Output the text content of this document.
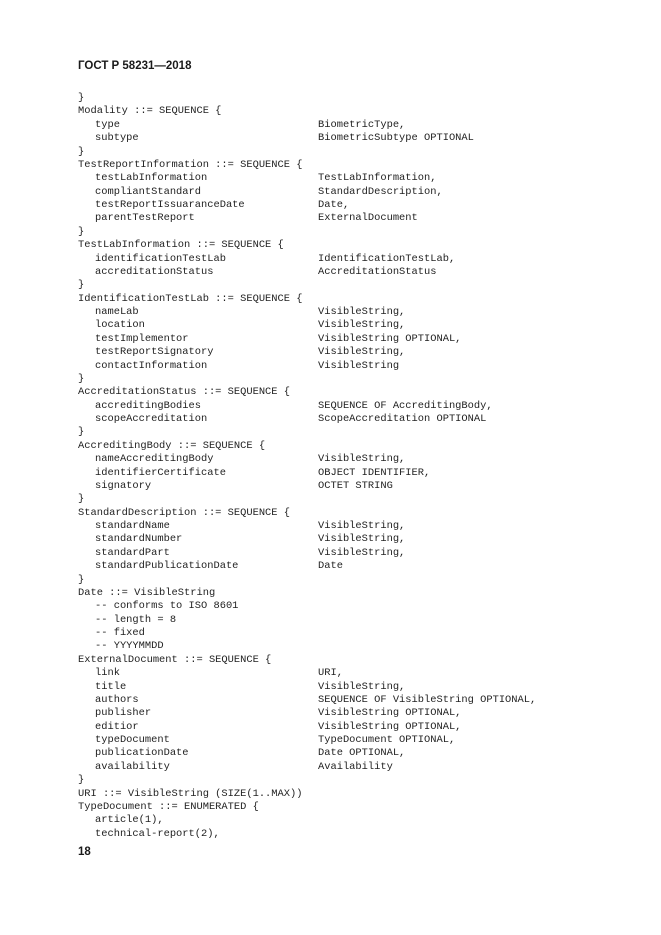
ГОСТ Р 58231—2018
}
Modality ::= SEQUENCE {
type	BiometricType,
subtype	BiometricSubtype OPTIONAL
}
TestReportInformation ::= SEQUENCE {
testLabInformation	TestLabInformation,
compliantStandard	StandardDescription,
testReportIssuaranceDate	Date,
parentTestReport	ExternalDocument
}
TestLabInformation ::= SEQUENCE {
identificationTestLab	IdentificationTestLab,
accreditationStatus	AccreditationStatus
}
IdentificationTestLab ::= SEQUENCE {
nameLab	VisibleString,
location	VisibleString,
testImplementor	VisibleString OPTIONAL,
testReportSignatory	VisibleString,
contactInformation	VisibleString
}
AccreditationStatus ::= SEQUENCE {
accreditingBodies	SEQUENCE OF AccreditingBody,
scopeAccreditation	ScopeAccreditation OPTIONAL
}
AccreditingBody ::= SEQUENCE {
nameAccreditingBody	VisibleString,
identifierCertificate	OBJECT IDENTIFIER,
signatory	OCTET STRING
}
StandardDescription ::= SEQUENCE {
standardName	VisibleString,
standardNumber	VisibleString,
standardPart	VisibleString,
standardPublicationDate	Date
}
Date ::= VisibleString
-- conforms to ISO 8601
-- length = 8
-- fixed
-- YYYYMMDD
ExternalDocument ::= SEQUENCE {
link	URI,
title	VisibleString,
authors	SEQUENCE OF VisibleString OPTIONAL,
publisher	VisibleString OPTIONAL,
editior	VisibleString OPTIONAL,
typeDocument	TypeDocument OPTIONAL,
publicationDate	Date OPTIONAL,
availability	Availability
}
URI ::= VisibleString (SIZE(1..MAX))
TypeDocument ::= ENUMERATED {
article(1),
technical-report(2),
18
